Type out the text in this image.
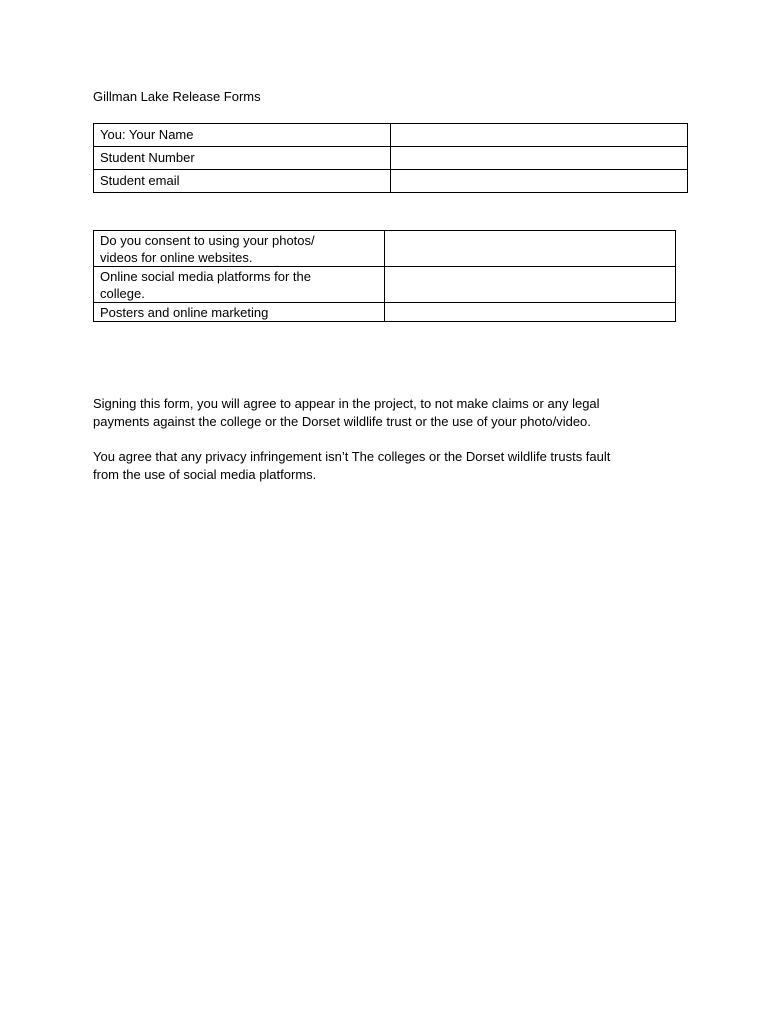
Gillman Lake Release Forms
You: Your Name	
Student Number	
Student email	
Do you consent to using your photos/
videos for online websites.	

Online social media platforms for the
college.	

Posters and online marketing	

Signing this form, you will agree to appear in the project, to not make claims or any legal
payments against the college or the Dorset wildlife trust or the use of your photo/video.
You agree that any privacy infringement isn’t The colleges or the Dorset wildlife trusts fault
from the use of social media platforms.
